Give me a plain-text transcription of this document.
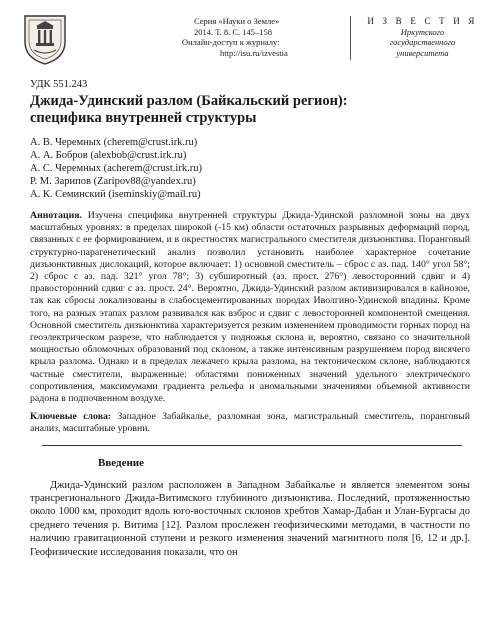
Серия «Науки о Земле»
2014. Т. 8. С. 145–158
Онлайн-доступ к журналу:
http://isu.ru/izvestia
И З В Е С Т И Я
Иркутского
государственного
университета
УДК 551.243
Джида-Удинский разлом (Байкальский регион):
специфика внутренней структуры
А. В. Черемных (cherem@crust.irk.ru)
А. А. Бобров (alexbob@crust.irk.ru)
А. С. Черемных (acherem@crust.irk.ru)
Р. М. Зарипов (Zaripov88@yandex.ru)
А. К. Семинский (iseminskiy@mail.ru)

Аннотация. Изучена специфика внутренней структуры Джида-Удинской разломной зоны на двух масштабных уровнях: в пределах широкой (-15 км) области остаточных разрывных деформаций пород, связанных с ее формированием, и в окрестностях магистрального сместителя дизъюнктива. Поранговый структурно-парагенетический анализ позволил установить наиболее характерное сочетание дизъюнктивных дислокаций, которое включает: 1) основной сместитель – сброс с аз. пад. 140° угол 58°; 2) сброс с аз. пад. 321° угол 78°; 3) субширотный (аз. прост. 276°) левосторонний сдвиг и 4) правосторонний сдвиг с аз. прост. 24°. Вероятно, Джида-Удинский разлом активизировался в кайнозое, так как сбросы локализованы в слабосцементированных породах Иволгино-Удинской впадины. Кроме того, на разных этапах разлом развивался как взброс и сдвиг с левосторонней компонентой смещения. Основной сместитель дизъюнктива характеризуется резким изменением проводимости горных пород на геоэлектрическом разрезе, что наблюдается у подножья склона и, вероятно, связано со значительной мощностью обломочных образований под склоном, а также интенсивным разрушением пород висячего крыла разлома. Однако и в пределах лежачего крыла разлома, на тектоническом склоне, наблюдаются частные сместители, выраженные: областями пониженных значений удельного электрического сопротивления, максимумами градиента рельефа и аномальными значениями объемной активности радона в подпочвенном воздухе.

Ключевые слова: Западное Забайкалье, разломная зона, магистральный сместитель, поранговый анализ, масштабные уровни.

Введение

Джида-Удинский разлом расположен в Западном Забайкалье и является элементом зоны трансрегионального Джида-Витимского глубинного дизъюнктива. Последний, протяженностью около 1000 км, проходит вдоль юго-восточных склонов хребтов Хамар-Дабан и Улан-Бургасы до среднего течения р. Витима [12]. Разлом прослежен геофизическими методами, в частности по наличию гравитационной ступени и резкого изменения значений магнитного поля [6, 12 и др.]. Геофизические исследования показали, что он
